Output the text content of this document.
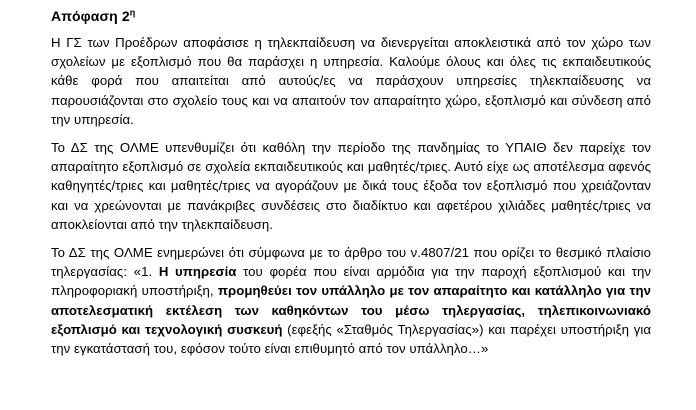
Απόφαση $2^\eta$

Η ΓΣ των Προέδρων αποφάσισε η τηλεκπαίδευση να διενεργείται αποκλειστικά από τον χώρο των σχολείων με εξοπλισμό που θα παράσχει η υπηρεσία. Καλούμε όλους και όλες τις εκπαιδευτικούς κάθε φορά που απαιτείται από αυτούς/ες να παράσχουν υπηρεσίες τηλεκπαίδευσης να παρουσιάζονται στο σχολείο τους και να απαιτούν τον απαραίτητο χώρο, εξοπλισμό και σύνδεση από την υπηρεσία.

Το ΔΣ της ΟΛΜΕ υπενθυμίζει ότι καθόλη την περίοδο της πανδημίας το ΥΠΑΙΘ δεν παρείχε τον απαραίτητο εξοπλισμό σε σχολεία εκπαιδευτικούς και μαθητές/τριες. Αυτό είχε ως αποτέλεσμα αφενός καθηγητές/τριες και μαθητές/τριες να αγοράζουν με δικά τους έξοδα τον εξοπλισμό που χρειάζονταν και να χρεώνονται με πανάκριβες συνδέσεις στο διαδίκτυο και αφετέρου χιλιάδες μαθητές/τριες να αποκλείονται από την τηλεκπαίδευση.

Το ΔΣ της ΟΛΜΕ ενημερώνει ότι σύμφωνα με το άρθρο του ν.4807/21 που ορίζει το θεσμικό πλαίσιο τηλεργασίας: «1. Η υπηρεσία του φορέα που είναι αρμόδια για την παροχή εξοπλισμού και την πληροφοριακή υποστήριξη, προμηθεύει τον υπάλληλο με τον απαραίτητο και κατάλληλο για την αποτελεσματική εκτέλεση των καθηκόντων του μέσω τηλεργασίας, τηλεπικοινωνιακό εξοπλισμό και τεχνολογική συσκευή (εφεξής «Σταθμός Τηλεργασίας») και παρέχει υποστήριξη για την εγκατάστασή του, εφόσον τούτο είναι επιθυμητό από τον υπάλληλο…»
